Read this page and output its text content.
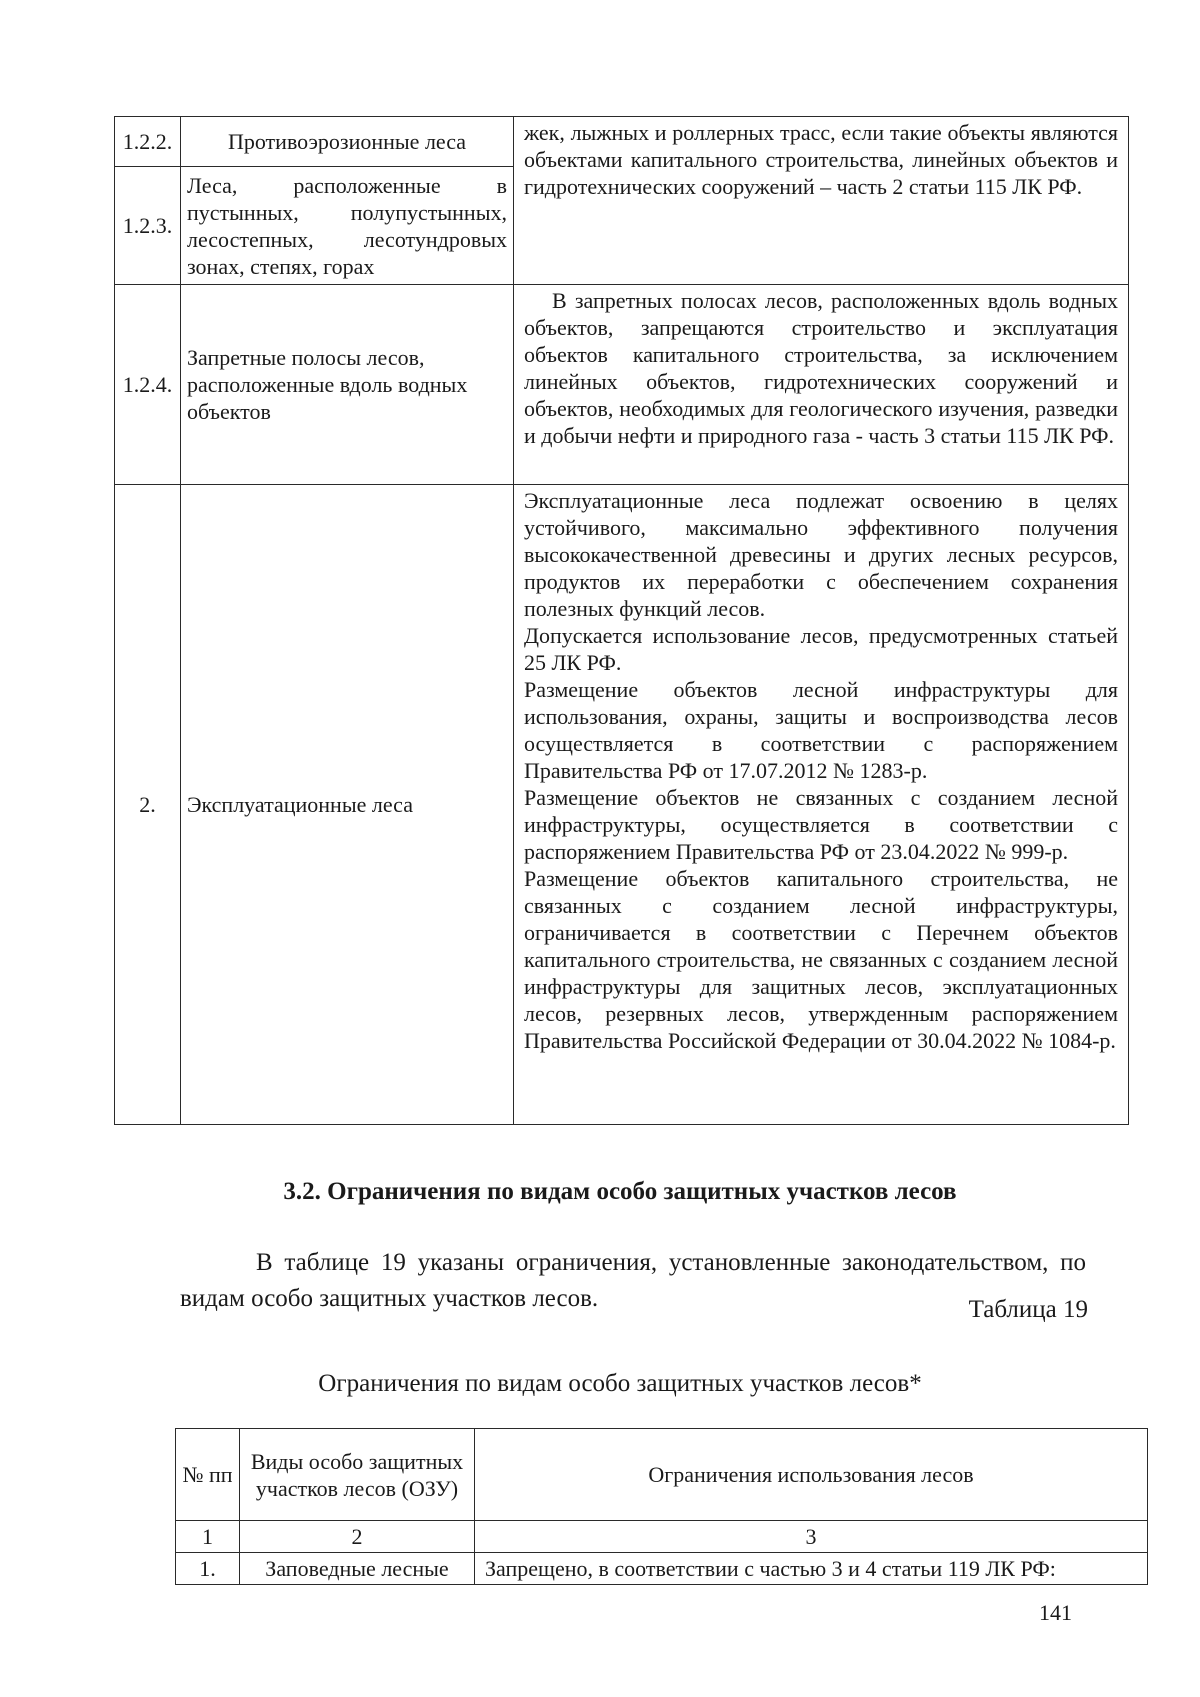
1.2.2.	Противоэрозионные леса	жек, лыжных и роллерных трасс, если такие объекты являются объектами капитального строительства, линейных объектов и гидротехнических сооружений – часть 2 статьи 115 ЛК РФ.

1.2.3.	Леса, расположенные в пустынных, полупустынных, лесостепных, лесотундровых зонах, степях, горах	
1.2.4.	Запретные полосы лесов, расположенные вдоль водных объектов	В запретных полосах лесов, расположенных вдоль водных объектов, запрещаются строительство и эксплуатация объектов капитального строительства, за исключением линейных объектов, гидротехнических сооружений и объектов, необходимых для геологического изучения, разведки и добычи нефти и природного газа - часть 3 статьи 115 ЛК РФ.

2.	Эксплуатационные леса	Эксплуатационные леса подлежат освоению в целях устойчивого, максимально эффективного получения высококачественной древесины и других лесных ресурсов, продуктов их переработки с обеспечением сохранения полезных функций лесов.

Допускается использование лесов, предусмотренных статьей 25 ЛК РФ.

Размещение объектов лесной инфраструктуры для использования, охраны, защиты и воспроизводства лесов осуществляется в соответствии с распоряжением Правительства РФ от 17.07.2012 № 1283-р.

Размещение объектов не связанных с созданием лесной инфраструктуры, осуществляется в соответствии с распоряжением Правительства РФ от 23.04.2022 № 999-р.

Размещение объектов капитального строительства, не связанных с созданием лесной инфраструктуры, ограничивается в соответствии с Перечнем объектов капитального строительства, не связанных с созданием лесной инфраструктуры для защитных лесов, эксплуатационных лесов, резервных лесов, утвержденным распоряжением Правительства Российской Федерации от 30.04.2022 № 1084-р.

3.2. Ограничения по видам особо защитных участков лесов

В таблице 19 указаны ограничения, установленные законодательством, по видам особо защитных участков лесов.	Таблица 19
Ограничения по видам особо защитных участков лесов*
№ пп	Виды особо защитных участков лесов (ОЗУ)	Ограничения использования лесов
1	2	3
1.	Заповедные лесные	Запрещено, в соответствии с частью 3 и 4 статьи 119 ЛК РФ:
141
